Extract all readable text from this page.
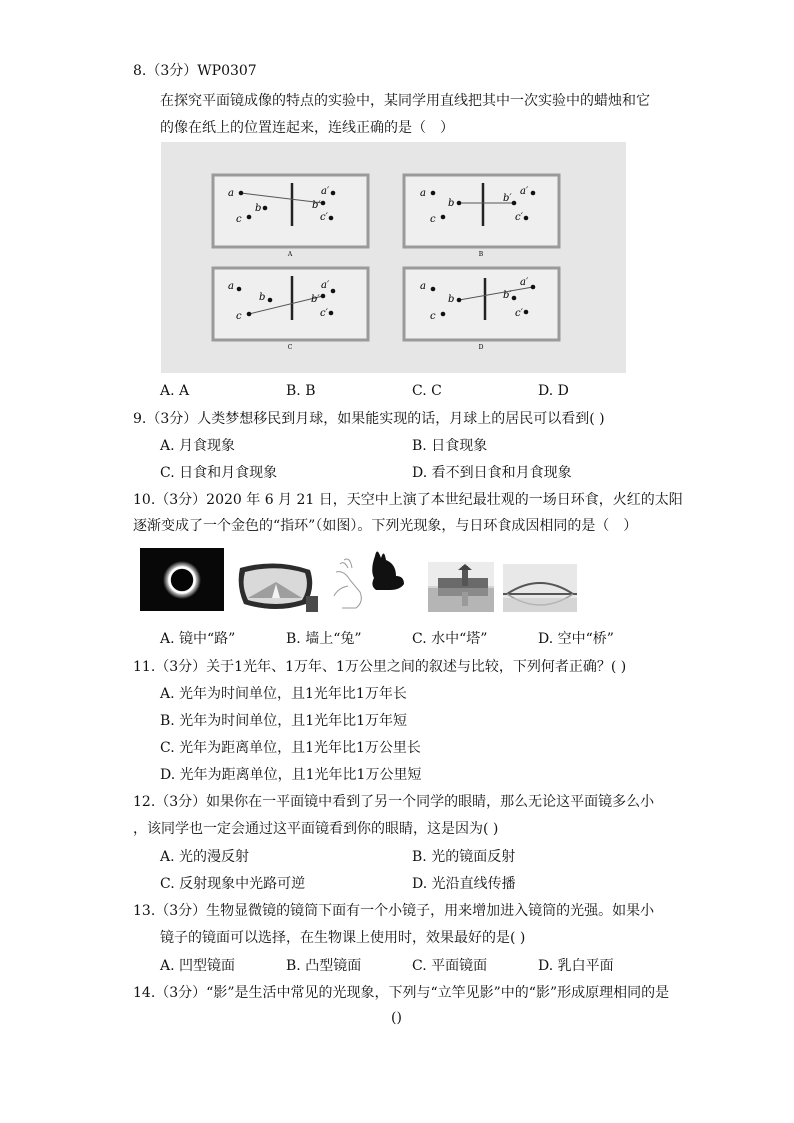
8.（3分）WP0307
在探究平面镜成像的特点的实验中，某同学用直线把其中一次实验中的蜡烛和它
的像在纸上的位置连起来，连线正确的是（　）
a
b
c
a′
b′
c′
A
a
b
c
a′
b′
c′
B
a
b
c
a′
b′
c′
C
a
b
c
a′
b′
c′
D
A. A	B. B	C. C	D. D
9.（3分）人类梦想移民到月球，如果能实现的话，月球上的居民可以看到( )
A. 月食现象	B. 日食现象
C. 日食和月食现象	D. 看不到日食和月食现象
10.（3分）2020 年 6 月 21 日，天空中上演了本世纪最壮观的一场日环食，火红的太阳
逐渐变成了一个金色的“指环”（如图）。下列光现象，与日环食成因相同的是（　）
A. 镜中“路”	B. 墙上“兔”	C. 水中“塔”	D. 空中“桥”
11.（3分）关于1光年、1万年、1万公里之间的叙述与比较，下列何者正确？( )
A. 光年为时间单位，且1光年比1万年长
B. 光年为时间单位，且1光年比1万年短
C. 光年为距离单位，且1光年比1万公里长
D. 光年为距离单位，且1光年比1万公里短
12.（3分）如果你在一平面镜中看到了另一个同学的眼睛，那么无论这平面镜多么小
，该同学也一定会通过这平面镜看到你的眼睛，这是因为( )
A. 光的漫反射	B. 光的镜面反射
C. 反射现象中光路可逆	D. 光沿直线传播
13.（3分）生物显微镜的镜筒下面有一个小镜子，用来增加进入镜筒的光强。如果小
镜子的镜面可以选择，在生物课上使用时，效果最好的是( )
A. 凹型镜面	B. 凸型镜面	C. 平面镜面	D. 乳白平面
14.（3分）“影”是生活中常见的光现象，下列与“立竿见影”中的“影”形成原理相同的是
()
